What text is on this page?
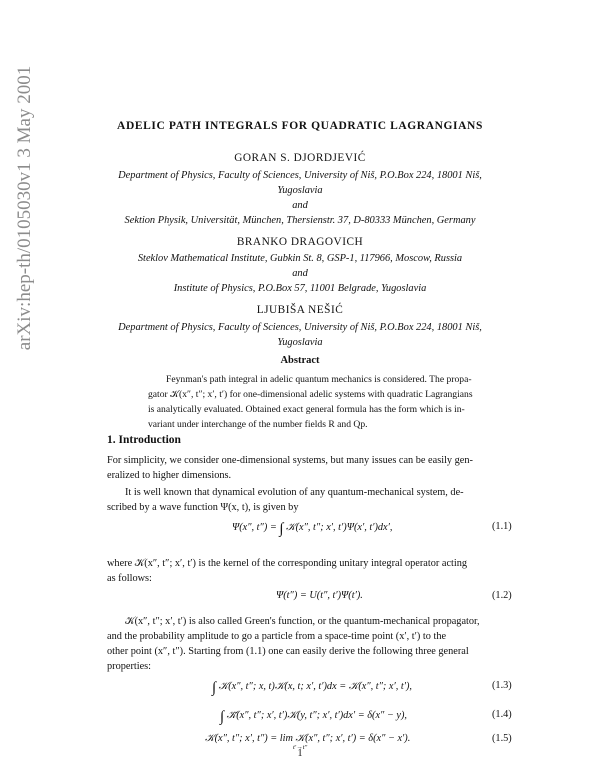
arXiv:hep-th/0105030v1 3 May 2001	ADELIC PATH INTEGRALS FOR QUADRATIC LAGRANGIANS
GORAN S. DJORDJEVIĆ
Department of Physics, Faculty of Sciences, University of Niš, P.O.Box 224, 18001 Niš,
Yugoslavia
and
Sektion Physik, Universität, München, Thersienstr. 37, D-80333 München, Germany
BRANKO DRAGOVICH
Steklov Mathematical Institute, Gubkin St. 8, GSP-1, 117966, Moscow, Russia
and
Institute of Physics, P.O.Box 57, 11001 Belgrade, Yugoslavia
LJUBIŠA NEŠIĆ
Department of Physics, Faculty of Sciences, University of Niš, P.O.Box 224, 18001 Niš,
Yugoslavia
Abstract
Feynman's path integral in adelic quantum mechanics is considered. The propa-
gator 𝒦(x″, t″; x′, t′) for one-dimensional adelic systems with quadratic Lagrangians
is analytically evaluated. Obtained exact general formula has the form which is in-
variant under interchange of the number fields R and Qp.
1. Introduction
For simplicity, we consider one-dimensional systems, but many issues can be easily gen-
eralized to higher dimensions.
It is well known that dynamical evolution of any quantum-mechanical system, de-
scribed by a wave function Ψ(x, t), is given by
Ψ(x″, t″) = ∫ 𝒦(x″, t″; x′, t′)Ψ(x′, t′)dx′,	(1.1)
where 𝒦(x″, t″; x′, t′) is the kernel of the corresponding unitary integral operator acting
as follows:
Ψ(t″) = U(t″, t′)Ψ(t′).	(1.2)
𝒦(x″, t″; x′, t′) is also called Green's function, or the quantum-mechanical propagator,
and the probability amplitude to go a particle from a space-time point (x′, t′) to the
other point (x″, t″). Starting from (1.1) one can easily derive the following three general
properties:
∫ 𝒦(x″, t″; x, t)𝒦(x, t; x′, t′)dx = 𝒦(x″, t″; x′, t′),	(1.3)
∫ 𝒦̄(x″, t″; x′, t′)𝒦(y, t″; x′, t′)dx′ = δ(x″ − y),	(1.4)
𝒦(x″, t″; x′, t″) = lim 𝒦(x″, t″; x′, t′) = δ(x″ − x′).
t′→t″
(1.5)
1
